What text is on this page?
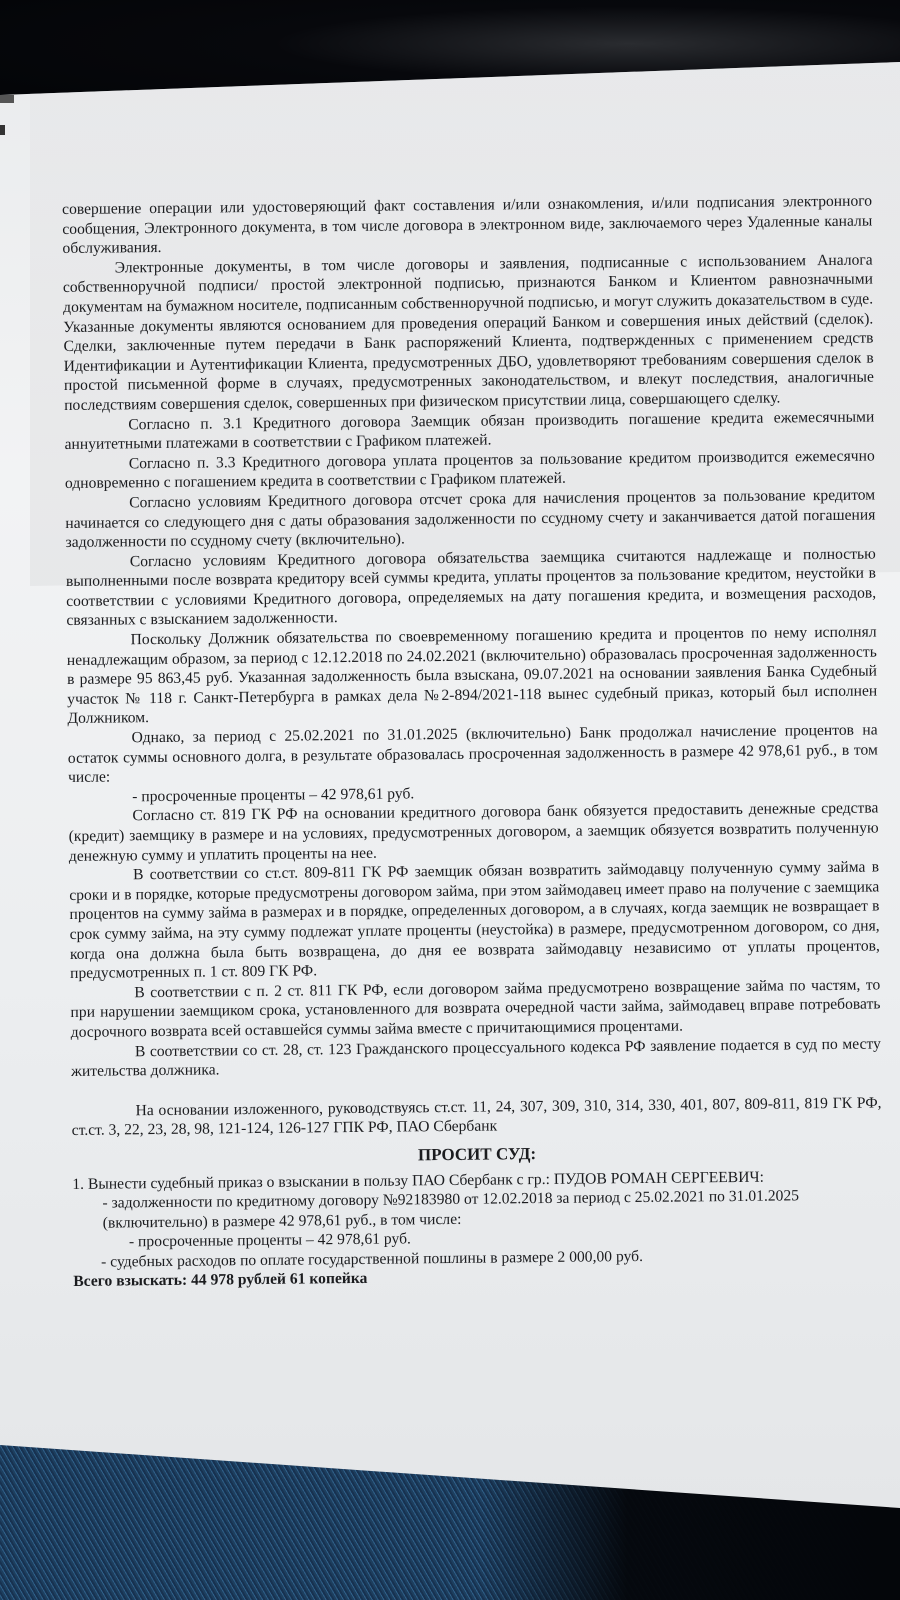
совершение операции или удостоверяющий факт составления и/или ознакомления, и/или подписания электронного сообщения, Электронного документа, в том числе договора в электронном виде, заключаемого через Удаленные каналы обслуживания.

Электронные документы, в том числе договоры и заявления, подписанные с использованием Аналога собственноручной подписи/ простой электронной подписью, признаются Банком и Клиентом равнозначными документам на бумажном носителе, подписанным собственноручной подписью, и могут служить доказательством в суде. Указанные документы являются основанием для проведения операций Банком и совершения иных действий (сделок). Сделки, заключенные путем передачи в Банк распоряжений Клиента, подтвержденных с применением средств Идентификации и Аутентификации Клиента, предусмотренных ДБО, удовлетворяют требованиям совершения сделок в простой письменной форме в случаях, предусмотренных законодательством, и влекут последствия, аналогичные последствиям совершения сделок, совершенных при физическом присутствии лица, совершающего сделку.

Согласно п. 3.1 Кредитного договора Заемщик обязан производить погашение кредита ежемесячными аннуитетными платежами в соответствии с Графиком платежей.

Согласно п. 3.3 Кредитного договора уплата процентов за пользование кредитом производится ежемесячно одновременно с погашением кредита в соответствии с Графиком платежей.

Согласно условиям Кредитного договора отсчет срока для начисления процентов за пользование кредитом начинается со следующего дня с даты образования задолженности по ссудному счету и заканчивается датой погашения задолженности по ссудному счету (включительно).

Согласно условиям Кредитного договора обязательства заемщика считаются надлежаще и полностью выполненными после возврата кредитору всей суммы кредита, уплаты процентов за пользование кредитом, неустойки в соответствии с условиями Кредитного договора, определяемых на дату погашения кредита, и возмещения расходов, связанных с взысканием задолженности.

Поскольку Должник обязательства по своевременному погашению кредита и процентов по нему исполнял ненадлежащим образом, за период с 12.12.2018 по 24.02.2021 (включительно) образовалась просроченная задолженность в размере 95 863,45 руб. Указанная задолженность была взыскана, 09.07.2021 на основании заявления Банка Судебный участок № 118 г. Санкт-Петербурга в рамках дела №2-894/2021-118 вынес судебный приказ, который был исполнен Должником.

Однако, за период с 25.02.2021 по 31.01.2025 (включительно) Банк продолжал начисление процентов на остаток суммы основного долга, в результате образовалась просроченная задолженность в размере 42 978,61 руб., в том числе:

- просроченные проценты – 42 978,61 руб.

Согласно ст. 819 ГК РФ на основании кредитного договора банк обязуется предоставить денежные средства (кредит) заемщику в размере и на условиях, предусмотренных договором, а заемщик обязуется возвратить полученную денежную сумму и уплатить проценты на нее.

В соответствии со ст.ст. 809-811 ГК РФ заемщик обязан возвратить займодавцу полученную сумму займа в сроки и в порядке, которые предусмотрены договором займа, при этом займодавец имеет право на получение с заемщика процентов на сумму займа в размерах и в порядке, определенных договором, а в случаях, когда заемщик не возвращает в срок сумму займа, на эту сумму подлежат уплате проценты (неустойка) в размере, предусмотренном договором, со дня, когда она должна была быть возвращена, до дня ее возврата займодавцу независимо от уплаты процентов, предусмотренных п. 1 ст. 809 ГК РФ.

В соответствии с п. 2 ст. 811 ГК РФ, если договором займа предусмотрено возвращение займа по частям, то при нарушении заемщиком срока, установленного для возврата очередной части займа, займодавец вправе потребовать досрочного возврата всей оставшейся суммы займа вместе с причитающимися процентами.

В соответствии со ст. 28, ст. 123 Гражданского процессуального кодекса РФ заявление подается в суд по месту жительства должника.

На основании изложенного, руководствуясь ст.ст. 11, 24, 307, 309, 310, 314, 330, 401, 807, 809-811, 819 ГК РФ, ст.ст. 3, 22, 23, 28, 98, 121-124, 126-127 ГПК РФ, ПАО Сбербанк

ПРОСИТ СУД:

1. Вынести судебный приказ о взыскании в пользу ПАО Сбербанк с гр.: ПУДОВ РОМАН СЕРГЕЕВИЧ:

- задолженности по кредитному договору №92183980 от 12.02.2018 за период с 25.02.2021 по 31.01.2025 (включительно) в размере 42 978,61 руб., в том числе:

- просроченные проценты – 42 978,61 руб.

- судебных расходов по оплате государственной пошлины в размере 2 000,00 руб.

Всего взыскать: 44 978 рублей 61 копейка
